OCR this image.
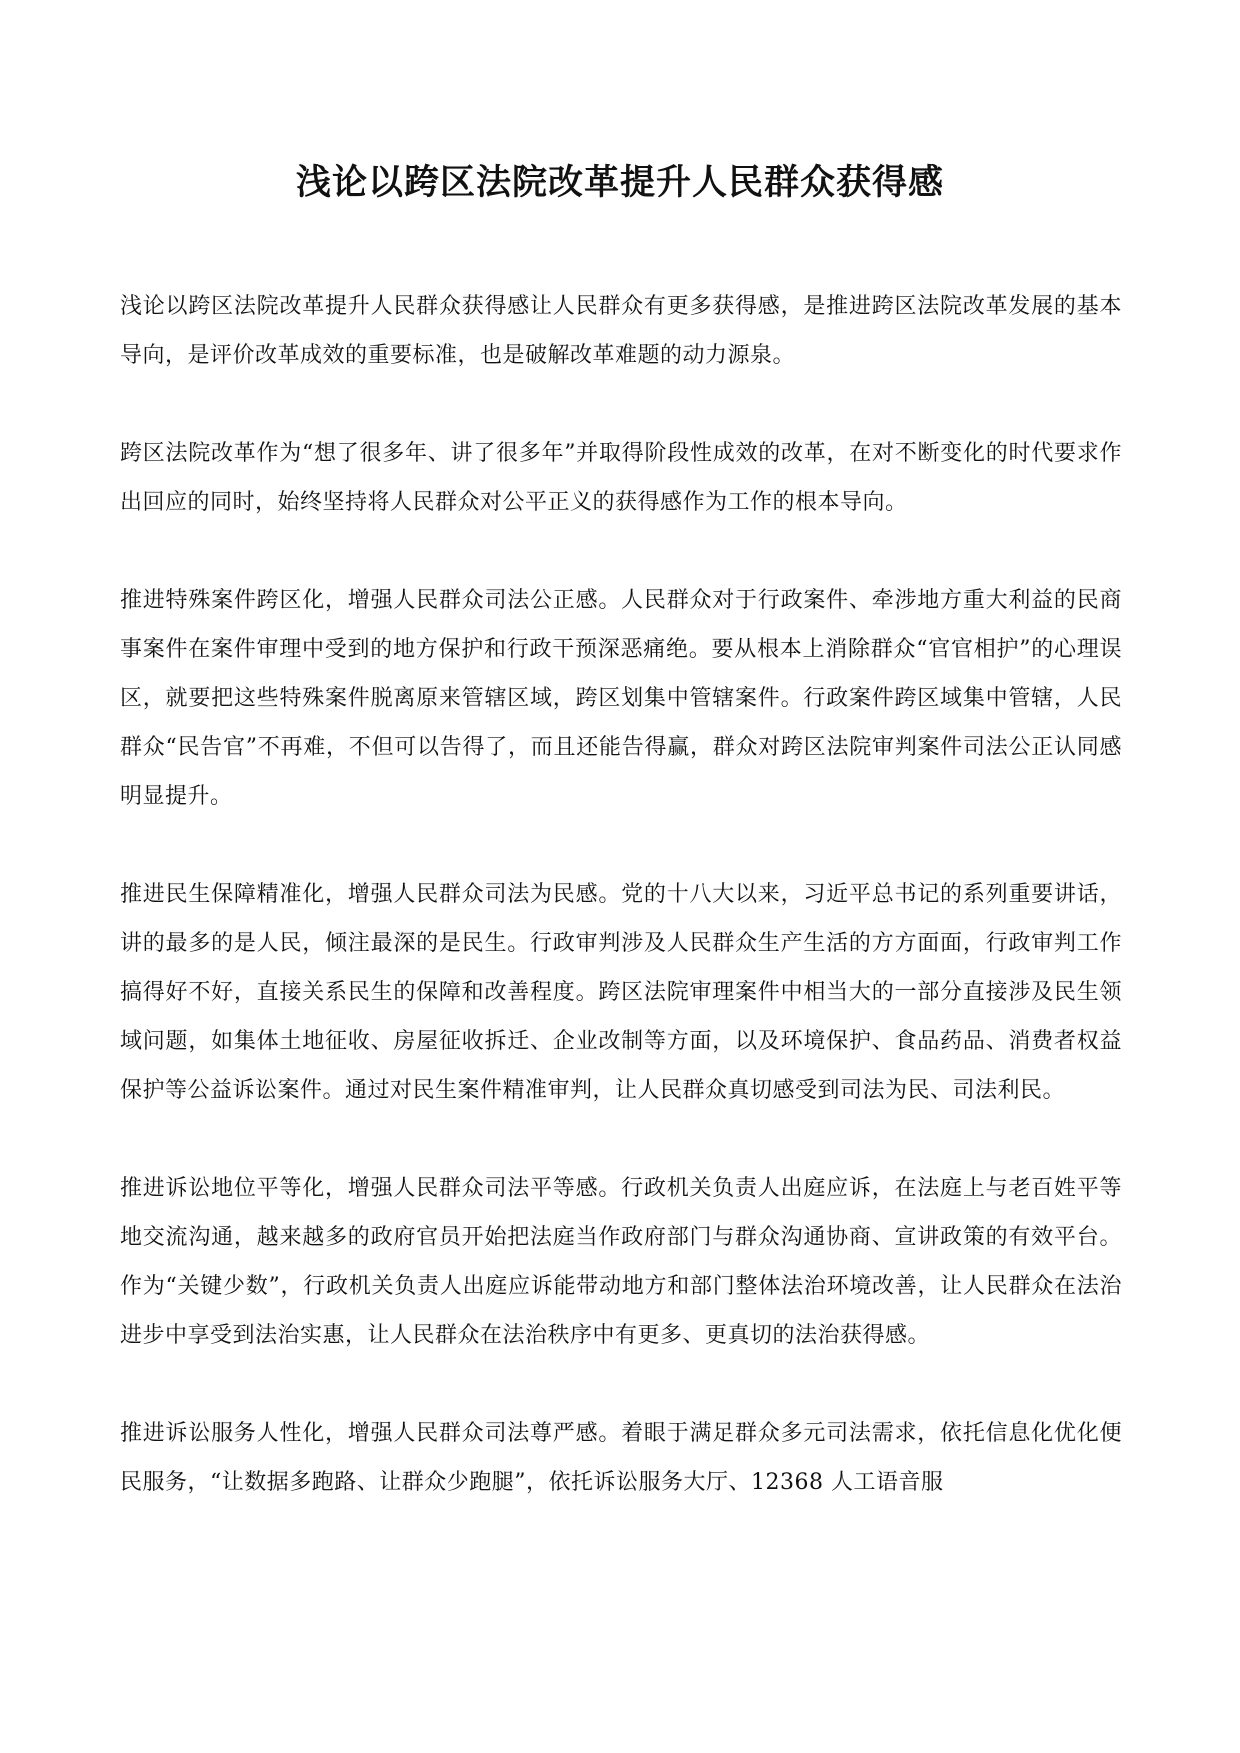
浅论以跨区法院改革提升人民群众获得感

浅论以跨区法院改革提升人民群众获得感让人民群众有更多获得感，是推进跨区法院改革发展的基本导向，是评价改革成效的重要标准，也是破解改革难题的动力源泉。

跨区法院改革作为“想了很多年、讲了很多年”并取得阶段性成效的改革，在对不断变化的时代要求作出回应的同时，始终坚持将人民群众对公平正义的获得感作为工作的根本导向。

推进特殊案件跨区化，增强人民群众司法公正感。人民群众对于行政案件、牵涉地方重大利益的民商事案件在案件审理中受到的地方保护和行政干预深恶痛绝。要从根本上消除群众“官官相护”的心理误区，就要把这些特殊案件脱离原来管辖区域，跨区划集中管辖案件。行政案件跨区域集中管辖，人民群众“民告官”不再难，不但可以告得了，而且还能告得赢，群众对跨区法院审判案件司法公正认同感明显提升。

推进民生保障精准化，增强人民群众司法为民感。党的十八大以来，习近平总书记的系列重要讲话，讲的最多的是人民，倾注最深的是民生。行政审判涉及人民群众生产生活的方方面面，行政审判工作搞得好不好，直接关系民生的保障和改善程度。跨区法院审理案件中相当大的一部分直接涉及民生领域问题，如集体土地征收、房屋征收拆迁、企业改制等方面，以及环境保护、食品药品、消费者权益保护等公益诉讼案件。通过对民生案件精准审判，让人民群众真切感受到司法为民、司法利民。

推进诉讼地位平等化，增强人民群众司法平等感。行政机关负责人出庭应诉，在法庭上与老百姓平等地交流沟通，越来越多的政府官员开始把法庭当作政府部门与群众沟通协商、宣讲政策的有效平台。作为“关键少数”，行政机关负责人出庭应诉能带动地方和部门整体法治环境改善，让人民群众在法治进步中享受到法治实惠，让人民群众在法治秩序中有更多、更真切的法治获得感。

推进诉讼服务人性化，增强人民群众司法尊严感。着眼于满足群众多元司法需求，依托信息化优化便民服务，“让数据多跑路、让群众少跑腿”，依托诉讼服务大厅、12368 人工语音服
